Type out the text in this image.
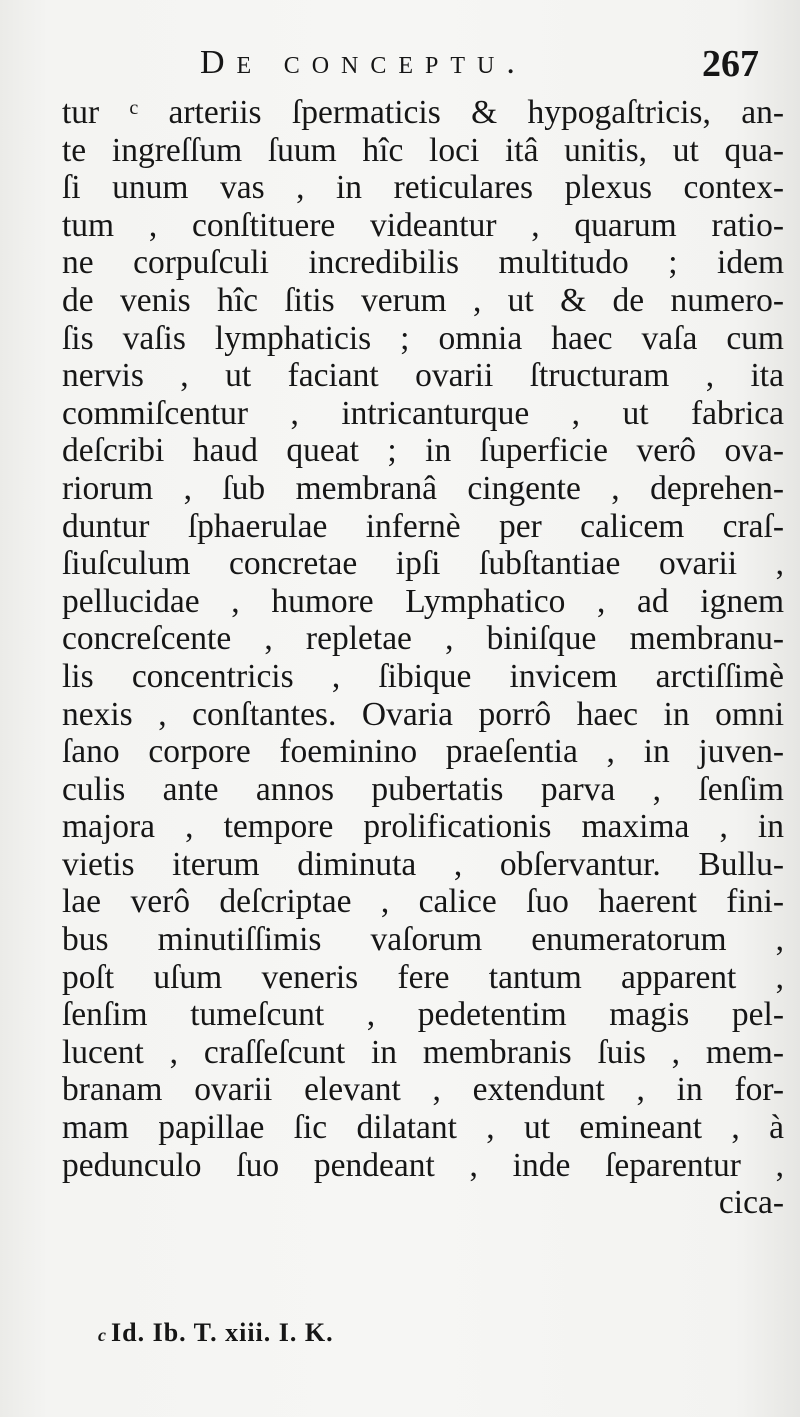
De conceptu.	267
tur ᶜ arteriis ſpermaticis & hypogaſtricis, an-
te ingreſſum ſuum hîc loci itâ unitis, ut qua-
ſi unum vas , in reticulares plexus contex-
tum , conſtituere videantur , quarum ratio-
ne corpuſculi incredibilis multitudo ; idem
de venis hîc ſitis verum , ut & de numero-
ſis vaſis lymphaticis ; omnia haec vaſa cum
nervis , ut faciant ovarii ſtructuram , ita
commiſcentur , intricanturque , ut fabrica
deſcribi haud queat ; in ſuperficie verô ova-
riorum , ſub membranâ cingente , deprehen-
duntur ſphaerulae infernè per calicem craſ-
ſiuſculum concretae ipſi ſubſtantiae ovarii ,
pellucidae , humore Lymphatico , ad ignem
concreſcente , repletae , biniſque membranu-
lis concentricis , ſibique invicem arctiſſimè
nexis , conſtantes. Ovaria porrô haec in omni
ſano corpore foeminino praeſentia , in juven-
culis ante annos pubertatis parva , ſenſim
majora , tempore prolificationis maxima , in
vietis iterum diminuta , obſervantur. Bullu-
lae verô deſcriptae , calice ſuo haerent fini-
bus minutiſſimis vaſorum enumeratorum ,
poſt uſum veneris fere tantum apparent ,
ſenſim tumeſcunt , pedetentim magis pel-
lucent , craſſeſcunt in membranis ſuis , mem-
branam ovarii elevant , extendunt , in for-
mam papillae ſic dilatant , ut emineant , à
pedunculo ſuo pendeant , inde ſeparentur ,
cica-
c Id. Ib. T. xiii. I. K.
